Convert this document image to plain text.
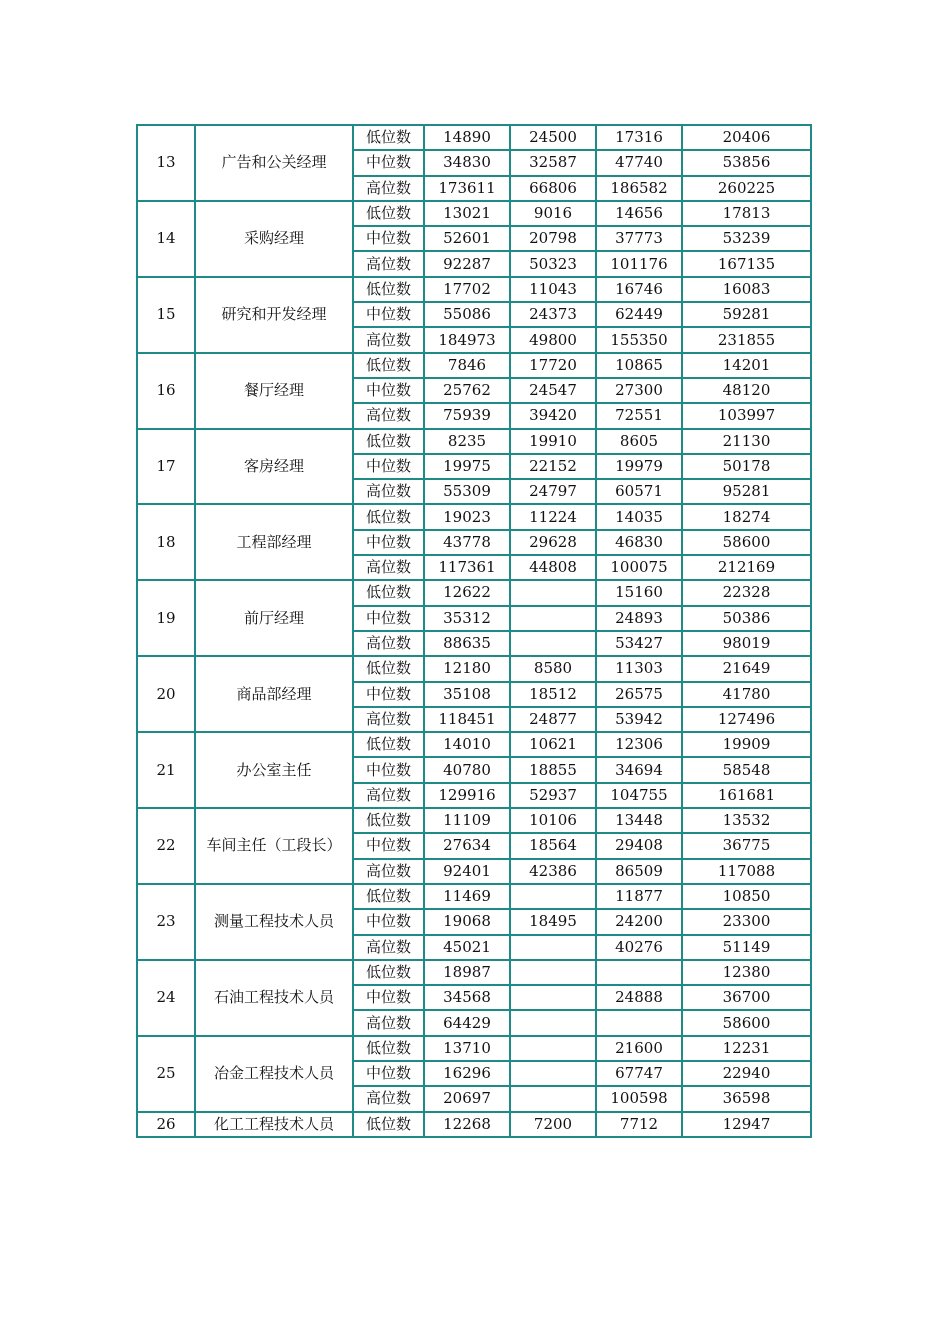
13	广告和公关经理	低位数	14890	24500	17316	20406
		中位数	34830	32587	47740	53856
		高位数	173611	66806	186582	260225
14	采购经理	低位数	13021	9016	14656	17813
		中位数	52601	20798	37773	53239
		高位数	92287	50323	101176	167135
15	研究和开发经理	低位数	17702	11043	16746	16083
		中位数	55086	24373	62449	59281
		高位数	184973	49800	155350	231855
16	餐厅经理	低位数	7846	17720	10865	14201
		中位数	25762	24547	27300	48120
		高位数	75939	39420	72551	103997
17	客房经理	低位数	8235	19910	8605	21130
		中位数	19975	22152	19979	50178
		高位数	55309	24797	60571	95281
18	工程部经理	低位数	19023	11224	14035	18274
		中位数	43778	29628	46830	58600
		高位数	117361	44808	100075	212169
19	前厅经理	低位数	12622		15160	22328
		中位数	35312		24893	50386
		高位数	88635		53427	98019
20	商品部经理	低位数	12180	8580	11303	21649
		中位数	35108	18512	26575	41780
		高位数	118451	24877	53942	127496
21	办公室主任	低位数	14010	10621	12306	19909
		中位数	40780	18855	34694	58548
		高位数	129916	52937	104755	161681
22	车间主任（工段长）	低位数	11109	10106	13448	13532
		中位数	27634	18564	29408	36775
		高位数	92401	42386	86509	117088
23	测量工程技术人员	低位数	11469		11877	10850
		中位数	19068	18495	24200	23300
		高位数	45021		40276	51149
24	石油工程技术人员	低位数	18987			12380
		中位数	34568		24888	36700
		高位数	64429			58600
25	冶金工程技术人员	低位数	13710		21600	12231
		中位数	16296		67747	22940
		高位数	20697		100598	36598
26	化工工程技术人员	低位数	12268	7200	7712	12947
